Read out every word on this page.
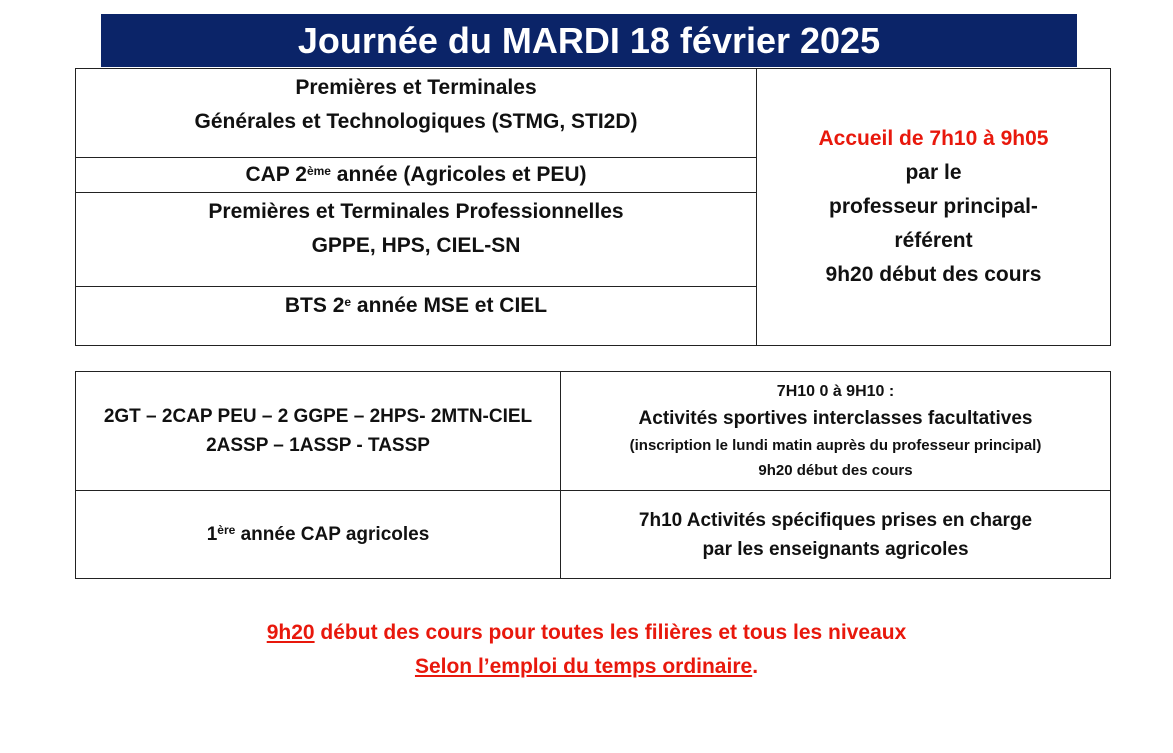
Journée du MARDI 18 février 2025
Premières et Terminales
Générales et Technologiques (STMG, STI2D)
CAP 2ème année (Agricoles et PEU)
Premières et Terminales Professionnelles
GPPE, HPS, CIEL-SN
BTS 2e année MSE et CIEL
Accueil de 7h10 à 9h05
par le
professeur principal-
référent
9h20 début des cours
2GT – 2CAP PEU – 2 GGPE – 2HPS- 2MTN-CIEL
2ASSP – 1ASSP - TASSP
7H10 0 à 9H10 :
Activités sportives interclasses facultatives
(inscription le lundi matin auprès du professeur principal)
9h20 début des cours
1ère année CAP agricoles
7h10 Activités spécifiques prises en charge
par les enseignants agricoles
9h20 début des cours pour toutes les filières et tous les niveaux
Selon l’emploi du temps ordinaire.
